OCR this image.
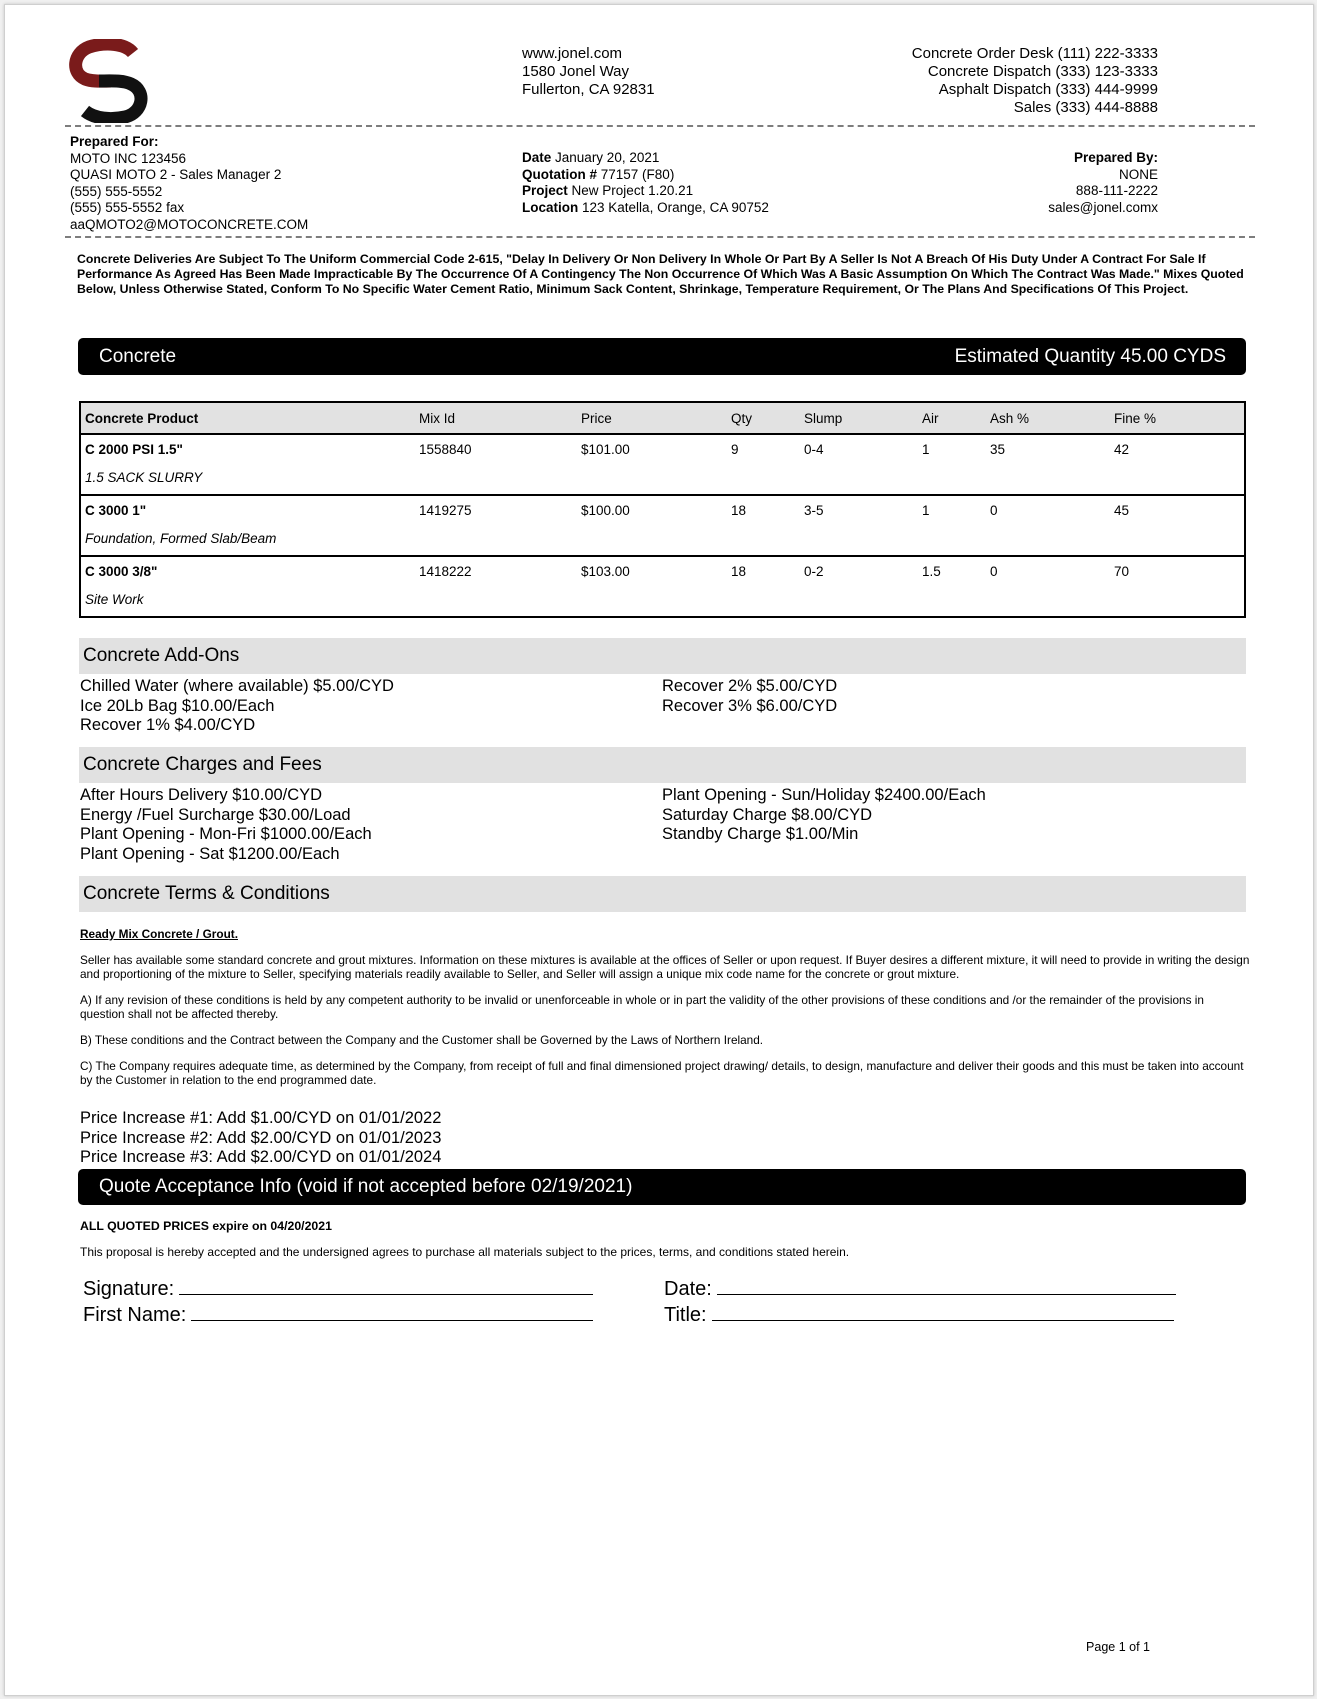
www.jonel.com
1580 Jonel Way
Fullerton, CA 92831
Concrete Order Desk (111) 222-3333
Concrete Dispatch (333) 123-3333
Asphalt Dispatch (333) 444-9999
Sales (333) 444-8888
Prepared For:
MOTO INC 123456
QUASI MOTO 2 - Sales Manager 2
(555) 555-5552
(555) 555-5552 fax
aaQMOTO2@MOTOCONCRETE.COM
Date January 20, 2021
Quotation # 77157 (F80)
Project New Project 1.20.21
Location 123 Katella, Orange, CA 90752
Prepared By:
NONE
888-111-2222
sales@jonel.comx
Concrete Deliveries Are Subject To The Uniform Commercial Code 2-615, "Delay In Delivery Or Non Delivery In Whole Or Part By A Seller Is Not A Breach Of His Duty Under A Contract For Sale If Performance As Agreed Has Been Made Impracticable By The Occurrence Of A Contingency The Non Occurrence Of Which Was A Basic Assumption On Which The Contract Was Made." Mixes Quoted Below, Unless Otherwise Stated, Conform To No Specific Water Cement Ratio, Minimum Sack Content, Shrinkage, Temperature Requirement, Or The Plans And Specifications Of This Project.
Concrete	Estimated Quantity 45.00 CYDS
Concrete Product	Mix Id	Price	Qty	Slump	Air	Ash %	Fine %
C 2000 PSI 1.5"	1558840	$101.00	9	0-4	1	35	42
1.5 SACK SLURRY							
C 3000 1"	1419275	$100.00	18	3-5	1	0	45
Foundation, Formed Slab/Beam							
C 3000 3/8"	1418222	$103.00	18	0-2	1.5	0	70
Site Work							
Concrete Add-Ons
Chilled Water (where available) $5.00/CYD
Ice 20Lb Bag $10.00/Each
Recover 1% $4.00/CYD
Recover 2% $5.00/CYD
Recover 3% $6.00/CYD
Concrete Charges and Fees
After Hours Delivery $10.00/CYD
Energy /Fuel Surcharge $30.00/Load
Plant Opening - Mon-Fri $1000.00/Each
Plant Opening - Sat $1200.00/Each
Plant Opening - Sun/Holiday $2400.00/Each
Saturday Charge $8.00/CYD
Standby Charge $1.00/Min
Concrete Terms & Conditions

Ready Mix Concrete / Grout.

Seller has available some standard concrete and grout mixtures. Information on these mixtures is available at the offices of Seller or upon request. If Buyer desires a different mixture, it will need to provide in writing the design and proportioning of the mixture to Seller, specifying materials readily available to Seller, and Seller will assign a unique mix code name for the concrete or grout mixture.

A) If any revision of these conditions is held by any competent authority to be invalid or unenforceable in whole or in part the validity of the other provisions of these conditions and /or the remainder of the provisions in question shall not be affected thereby.

B) These conditions and the Contract between the Company and the Customer shall be Governed by the Laws of Northern Ireland.

C) The Company requires adequate time, as determined by the Company, from receipt of full and final dimensioned project drawing/ details, to design, manufacture and deliver their goods and this must be taken into account by the Customer in relation to the end programmed date.

Price Increase #1: Add $1.00/CYD on 01/01/2022
Price Increase #2: Add $2.00/CYD on 01/01/2023
Price Increase #3: Add $2.00/CYD on 01/01/2024
Quote Acceptance Info (void if not accepted before 02/19/2021)
ALL QUOTED PRICES expire on 04/20/2021
This proposal is hereby accepted and the undersigned agrees to purchase all materials subject to the prices, terms, and conditions stated herein.
Signature:
First Name:
Date:
Title:
Page 1 of 1
